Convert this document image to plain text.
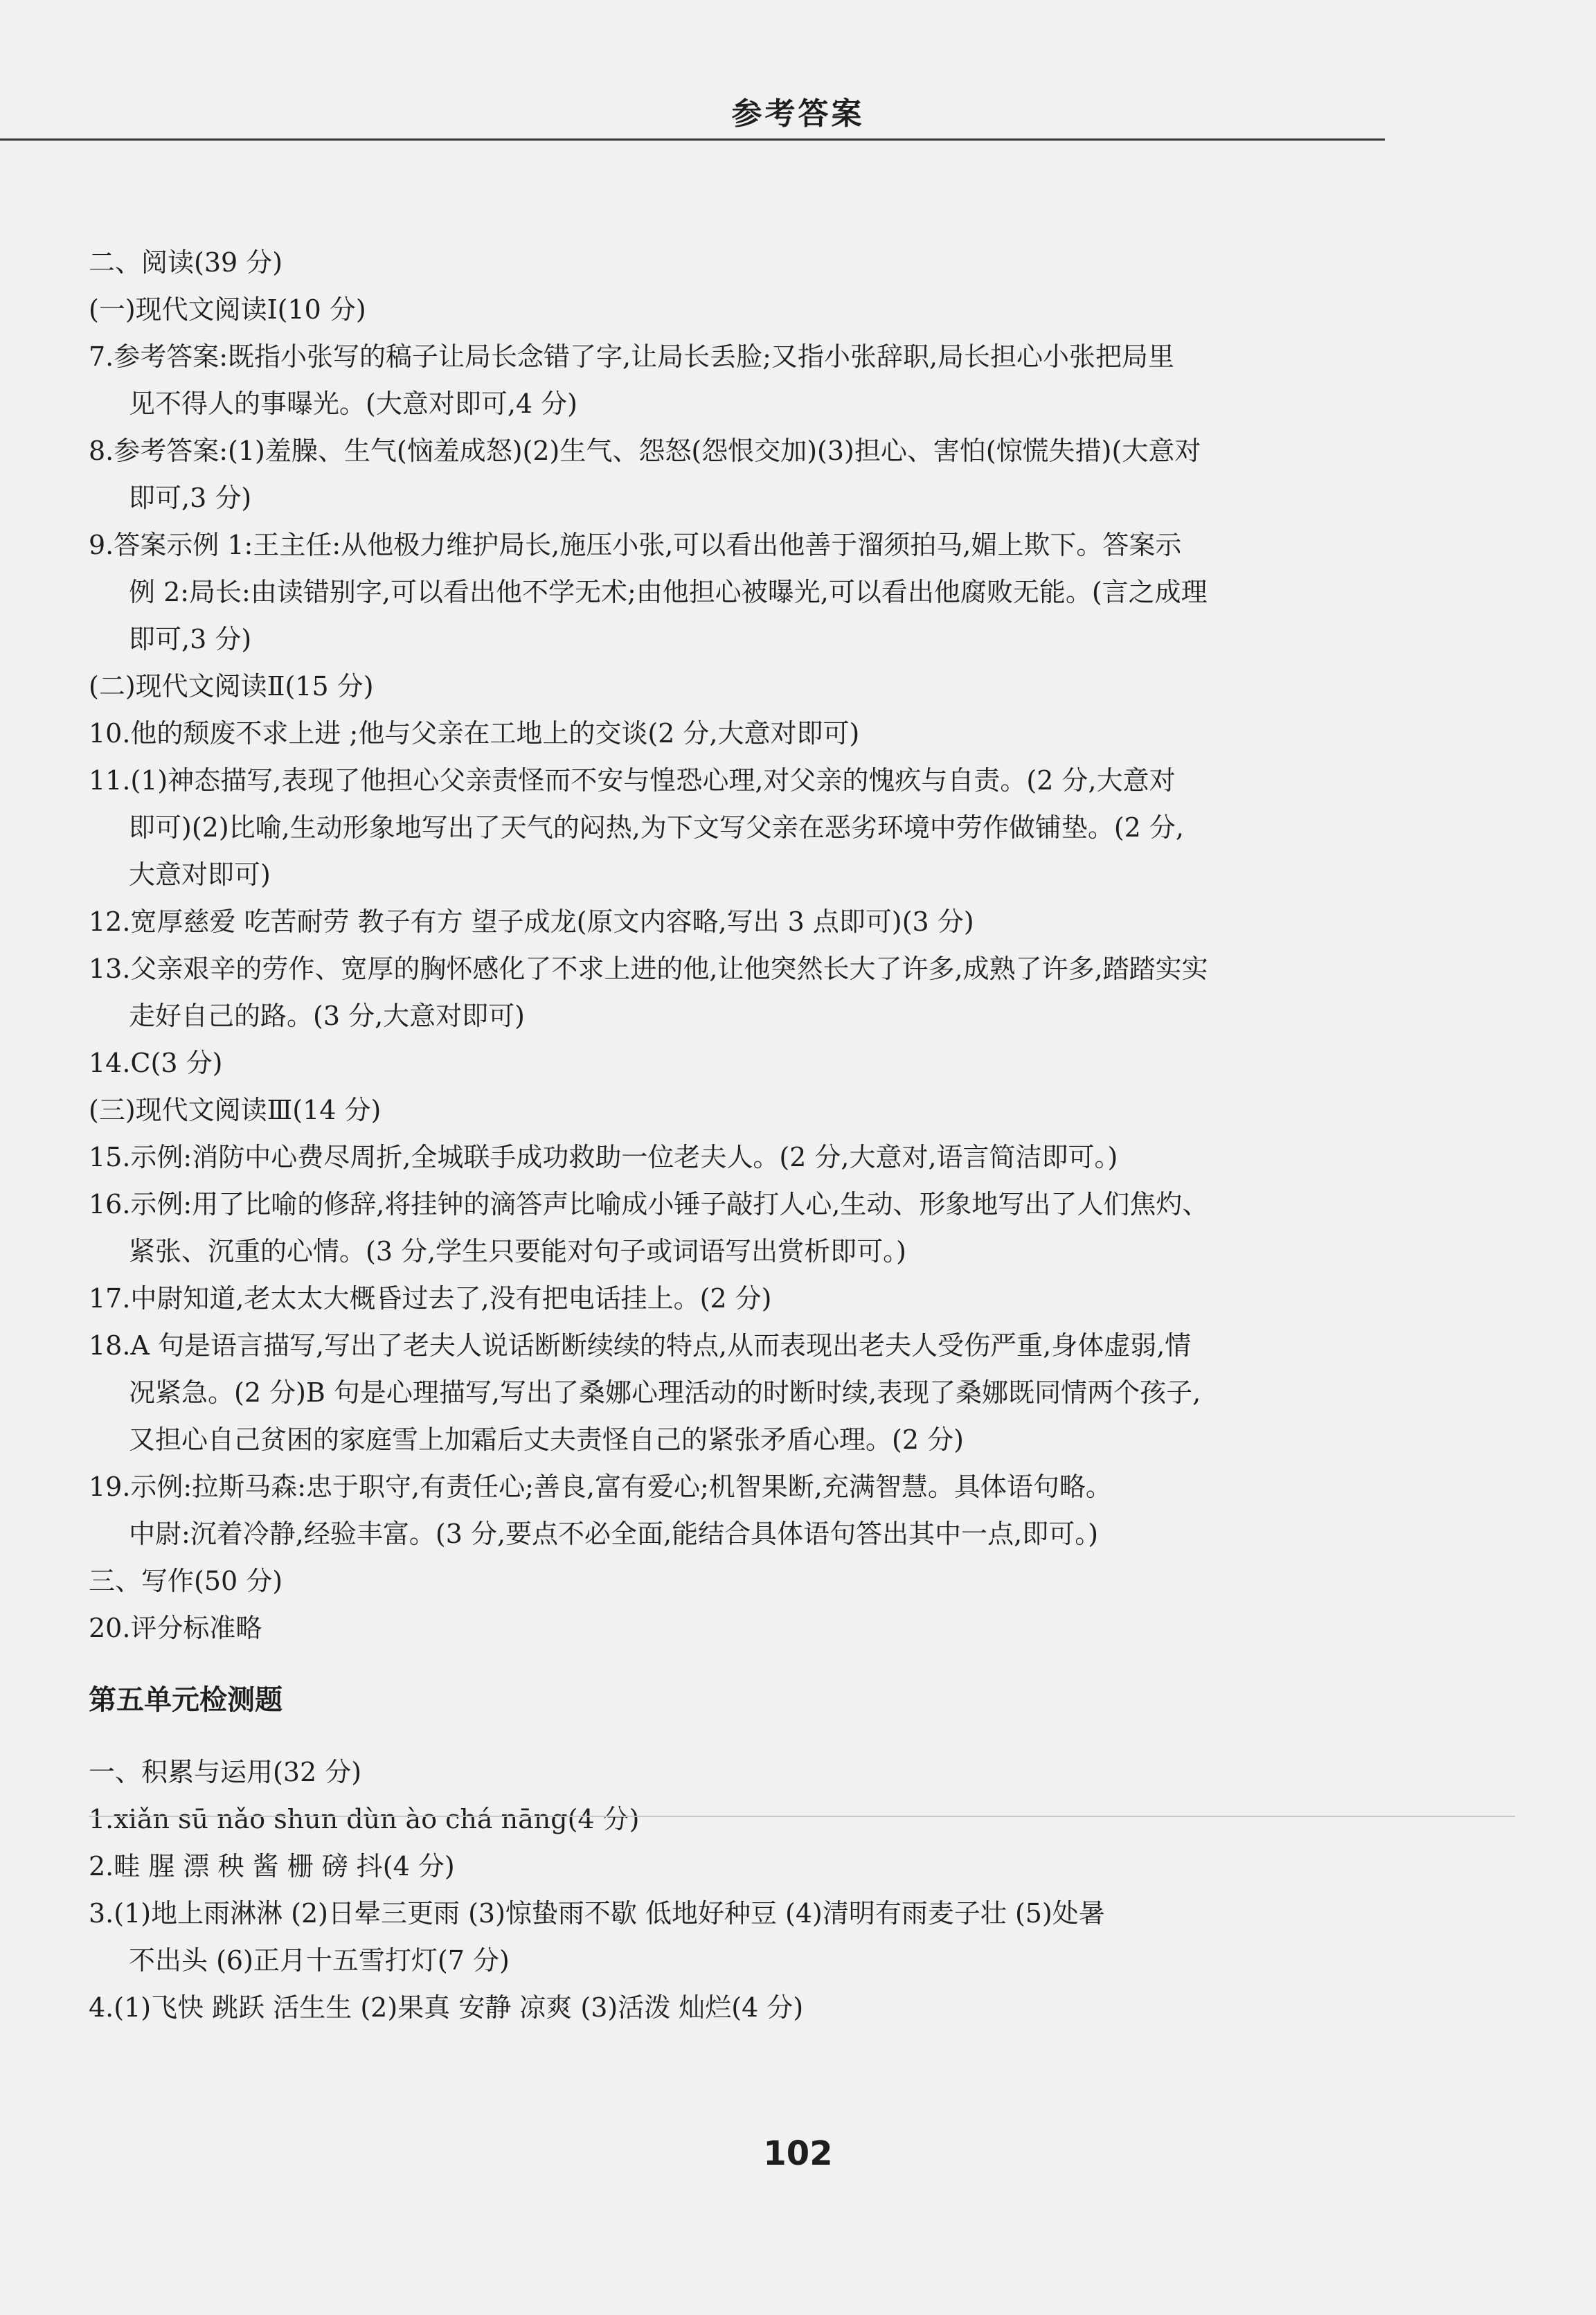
参考答案

二、阅读(39 分)

(一)现代文阅读Ⅰ(10 分)

7.参考答案:既指小张写的稿子让局长念错了字,让局长丢脸;又指小张辞职,局长担心小张把局里

见不得人的事曝光。(大意对即可,4 分)

8.参考答案:(1)羞臊、生气(恼羞成怒)(2)生气、怨怒(怨恨交加)(3)担心、害怕(惊慌失措)(大意对

即可,3 分)

9.答案示例 1:王主任:从他极力维护局长,施压小张,可以看出他善于溜须拍马,媚上欺下。答案示

例 2:局长:由读错别字,可以看出他不学无术;由他担心被曝光,可以看出他腐败无能。(言之成理

即可,3 分)

(二)现代文阅读Ⅱ(15 分)

10.他的颓废不求上进 ;他与父亲在工地上的交谈(2 分,大意对即可)

11.(1)神态描写,表现了他担心父亲责怪而不安与惶恐心理,对父亲的愧疚与自责。(2 分,大意对

即可)(2)比喻,生动形象地写出了天气的闷热,为下文写父亲在恶劣环境中劳作做铺垫。(2 分,

大意对即可)

12.宽厚慈爱 吃苦耐劳 教子有方 望子成龙(原文内容略,写出 3 点即可)(3 分)

13.父亲艰辛的劳作、宽厚的胸怀感化了不求上进的他,让他突然长大了许多,成熟了许多,踏踏实实

走好自己的路。(3 分,大意对即可)

14.C(3 分)

(三)现代文阅读Ⅲ(14 分)

15.示例:消防中心费尽周折,全城联手成功救助一位老夫人。(2 分,大意对,语言简洁即可。)

16.示例:用了比喻的修辞,将挂钟的滴答声比喻成小锤子敲打人心,生动、形象地写出了人们焦灼、

紧张、沉重的心情。(3 分,学生只要能对句子或词语写出赏析即可。)

17.中尉知道,老太太大概昏过去了,没有把电话挂上。(2 分)

18.A 句是语言描写,写出了老夫人说话断断续续的特点,从而表现出老夫人受伤严重,身体虚弱,情

况紧急。(2 分)B 句是心理描写,写出了桑娜心理活动的时断时续,表现了桑娜既同情两个孩子,

又担心自己贫困的家庭雪上加霜后丈夫责怪自己的紧张矛盾心理。(2 分)

19.示例:拉斯马森:忠于职守,有责任心;善良,富有爱心;机智果断,充满智慧。具体语句略。

中尉:沉着冷静,经验丰富。(3 分,要点不必全面,能结合具体语句答出其中一点,即可。)

三、写作(50 分)

20.评分标准略

第五单元检测题

一、积累与运用(32 分)

1.xiǎn sū nǎo shun dùn ào chá nāng(4 分)

2.畦 腥 漂 秧 酱 栅 磅 抖(4 分)

3.(1)地上雨淋淋 (2)日晕三更雨 (3)惊蛰雨不歇 低地好种豆 (4)清明有雨麦子壮 (5)处暑

不出头 (6)正月十五雪打灯(7 分)

4.(1)飞快 跳跃 活生生 (2)果真 安静 凉爽 (3)活泼 灿烂(4 分)

102
